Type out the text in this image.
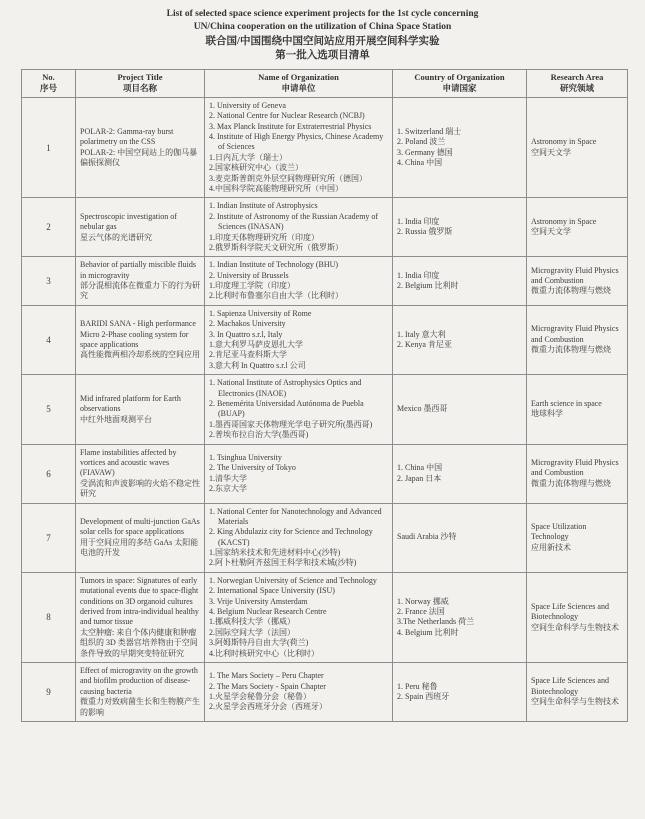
List of selected space science experiment projects for the 1st cycle concerning
UN/China cooperation on the utilization of China Space Station
联合国/中国围绕中国空间站应用开展空间科学实验
第一批入选项目清单
No.
序号

Project Title
项目名称

Name of Organization
申请单位

Country of Organization
申请国家

Research Area
研究领域

1	
POLAR-2: Gamma-ray burst polarimetry on the CSS
POLAR-2: 中国空间站上的伽马暴偏振探测仪

1. University of Geneva
2. National Centre for Nuclear Research (NCBJ)
3. Max Planck Institute for Extraterrestrial Physics
4. Institute of High Energy Physics, Chinese Academy of Sciences
1.日内瓦大学（瑞士）
2.国家核研究中心（波兰）
3.麦克斯普朗克外层空间物理研究所（德国）
4.中国科学院高能物理研究所（中国）

1. Switzerland 瑞士
2. Poland 波兰
3. Germany 德国
4. China 中国

Astronomy in Space
空间天文学

2	
Spectroscopic investigation of nebular gas
星云气体的光谱研究

1. Indian Institute of Astrophysics
2. Institute of Astronomy of the Russian Academy of Sciences (INASAN)
1.印度天体物理研究所（印度）
2.俄罗斯科学院天文研究所（俄罗斯）

1. India 印度
2. Russia 俄罗斯

Astronomy in Space
空间天文学

3	
Behavior of partially miscible fluids in microgravity
部分混相流体在微重力下的行为研究

1. Indian Institute of Technology (BHU)
2. University of Brussels
1.印度理工学院（印度）
2.比利时布鲁塞尔自由大学（比利时）

1. India 印度
2. Belgium 比利时

Microgravity Fluid Physics and Combustion
微重力流体物理与燃烧

4	
BARIDI SANA - High performance Micro 2-Phase cooling system for space applications
高性能微两相冷却系统的空间应用

1. Sapienza University of Rome
2. Machakos University
3. In Quattro s.r.l, Italy
1.意大利罗马萨皮恩扎大学
2.肯尼亚马查科斯大学
3.意大利 In Quattro s.r.l 公司

1. Italy 意大利
2. Kenya 肯尼亚

Microgravity Fluid Physics and Combustion
微重力流体物理与燃烧

5	
Mid infrared platform for Earth observations
中红外地面观测平台

1. National Institute of Astrophysics Optics and Electronics (INAOE)
2. Benemérita Universidad Autónoma de Puebla (BUAP)
1.墨西哥国家天体物理光学电子研究所(墨西哥)
2.普埃布拉自治大学(墨西哥)

Mexico 墨西哥

Earth science in space
地球科学

6	
Flame instabilities affected by vortices and acoustic waves (FIAVAW)
受涡流和声波影响的火焰不稳定性研究

1. Tsinghua University
2. The University of Tokyo
1.清华大学
2.东京大学

1. China 中国
2. Japan 日本

Microgravity Fluid Physics and Combustion
微重力流体物理与燃烧

7	
Development of multi-junction GaAs solar cells for space applications
用于空间应用的多结 GaAs 太阳能电池的开发

1. National Center for Nanotechnology and Advanced Materials
2. King Abdulaziz city for Science and Technology (KACST)
1.国家纳米技术和先进材料中心(沙特)
2.阿卜杜勒阿齐兹国王科学和技术城(沙特)

Saudi Arabia 沙特

Space Utilization Technology
应用新技术

8	
Tumors in space: Signatures of early mutational events due to space-flight conditions on 3D organoid cultures derived from intra-individual healthy and tumor tissue
太空肿瘤: 来自个体内健康和肿瘤组织的 3D 类器官培养物由于空间条件导致的早期突变特征研究

1. Norwegian University of Science and Technology
2. International Space University (ISU)
3. Vrije University Amsterdam
4. Belgium Nuclear Research Centre
1.挪威科技大学（挪威）
2.国际空间大学（法国）
3.阿姆斯特丹自由大学(荷兰)
4.比利时核研究中心（比利时）

1. Norway 挪威
2. France 法国
3.The Netherlands 荷兰
4. Belgium 比利时

Space Life Sciences and Biotechnology
空间生命科学与生物技术

9	
Effect of microgravity on the growth and biofilm production of disease-causing bacteria
微重力对致病菌生长和生物膜产生的影响

1. The Mars Society – Peru Chapter
2. The Mars Society - Spain Chapter
1.火星学会秘鲁分会（秘鲁）
2.火星学会西班牙分会（西班牙）

1. Peru 秘鲁
2. Spain 西班牙

Space Life Sciences and Biotechnology
空间生命科学与生物技术
